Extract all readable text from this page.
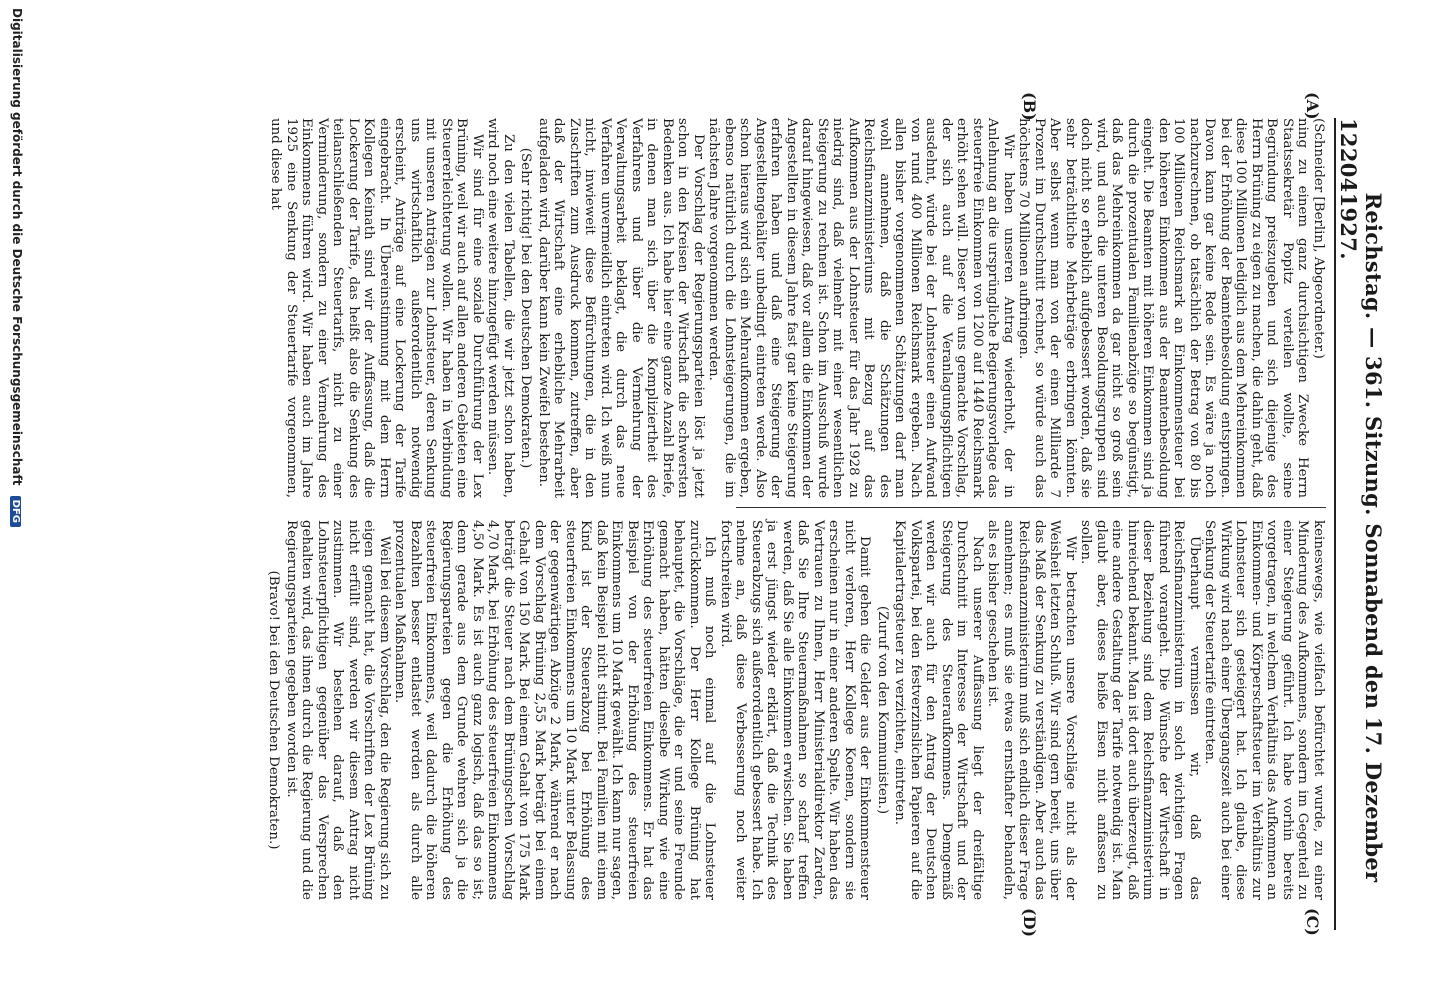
12204
Reichstag. — 361. Sitzung. Sonnabend den 17. Dezember 1927.
(A)
(B)
(C)
(D)

(Schneider [Berlin], Abgeordneter.)

ning zu einem ganz durchsichtigen Zwecke Herrn Staatssekretär Popitz verteilen wollte, seine Begründung preiszugeben und sich diejenige des Herrn Brüning zu eigen zu machen, die dahin geht, daß diese 100 Millionen lediglich aus dem Mehreinkommen bei der Erhöhung der Beamtenbesoldung entspringen. Davon kann gar keine Rede sein. Es wäre ja noch nachzurechnen, ob tatsächlich der Betrag von 80 bis 100 Millionen Reichsmark an Einkommensteuer bei den höheren Einkommen aus der Beamtenbesoldung eingeht. Die Beamten mit höheren Einkommen sind ja durch die prozentualen Familienabzüge so begünstigt, daß das Mehreinkommen da gar nicht so groß sein wird, und auch die unteren Besoldungsgruppen sind doch nicht so erheblich aufgebessert worden, daß sie sehr beträchtliche Mehrbeträge erbringen könnten. Aber selbst wenn man von der einen Milliarde 7 Prozent im Durchschnitt rechnet, so würde auch das höchstens 70 Millionen aufbringen.

Wir haben unseren Antrag wiederholt, der in Anlehnung an die ursprüngliche Regierungsvorlage das steuerfreie Einkommen von 1200 auf 1440 Reichsmark erhöht sehen will. Dieser von uns gemachte Vorschlag, der sich auch auf die Veranlagungspflichtigen ausdehnt, würde bei der Lohnsteuer einen Aufwand von rund 400 Millionen Reichsmark ergeben. Nach allen bisher vorgenommenen Schätzungen darf man wohl annehmen, daß die Schätzungen des Reichsfinanzministeriums mit Bezug auf das Aufkommen aus der Lohnsteuer für das Jahr 1928 zu niedrig sind, daß vielmehr mit einer wesentlichen Steigerung zu rechnen ist. Schon im Ausschuß wurde darauf hingewiesen, daß vor allem die Einkommen der Angestellten in diesem Jahre fast gar keine Steigerung erfahren haben und daß eine Steigerung der Angestelltengehälter unbedingt eintreten werde. Also schon hieraus wird sich ein Mehraufkommen ergeben, ebenso natürlich durch die Lohnsteigerungen, die im nächsten Jahre vorgenommen werden.

Der Vorschlag der Regierungsparteien löst ja jetzt schon in den Kreisen der Wirtschaft die schwersten Bedenken aus. Ich habe hier eine ganze Anzahl Briefe, in denen man sich über die Kompliziertheit des Verfahrens und über die Vermehrung der Verwaltungsarbeit beklagt, die durch das neue Verfahren unvermeidlich eintreten wird. Ich weiß nun nicht, inwieweit diese Befürchtungen, die in den Zuschriften zum Ausdruck kommen, zutreffen, aber daß der Wirtschaft eine erhebliche Mehrarbeit aufgeladen wird, darüber kann kein Zweifel bestehen.

(Sehr richtig! bei den Deutschen Demokraten.)

Zu den vielen Tabellen, die wir jetzt schon haben, wird noch eine weitere hinzugefügt werden müssen.

Wir sind für eine soziale Durchführung der Lex Brüning, weil wir auch auf allen anderen Gebieten eine Steuererleichterung wollen. Wir haben in Verbindung mit unseren Anträgen zur Lohnsteuer, deren Senkung uns wirtschaftlich außerordentlich notwendig erscheint, Anträge auf eine Lockerung der Tarife eingebracht. In Übereinstimmung mit dem Herrn Kollegen Keinath sind wir der Auffassung, daß die Lockerung der Tarife, das heißt also die Senkung des teilanschließenden Steuertarifs, nicht zu einer Verminderung, sondern zu einer Vermehrung des Einkommens führen wird. Wir haben auch im Jahre 1925 eine Senkung der Steuertarife vorgenommen, und diese hat

keineswegs, wie vielfach befürchtet wurde, zu einer Minderung des Aufkommens, sondern im Gegenteil zu einer Steigerung geführt. Ich habe vorhin bereits vorgetragen, in welchem Verhältnis das Aufkommen an Einkommen- und Körperschaftsteuer im Verhältnis zur Lohnsteuer sich gesteigert hat. Ich glaube, diese Wirkung wird nach einer Übergangszeit auch bei einer Senkung der Steuertarife eintreten.

Überhaupt vermissen wir, daß das Reichsfinanzministerium in solch wichtigen Fragen führend vorangeht. Die Wünsche der Wirtschaft in dieser Beziehung sind dem Reichsfinanzministerium hinreichend bekannt. Man ist dort auch überzeugt, daß eine andere Gestaltung der Tarife notwendig ist. Man glaubt aber, dieses heiße Eisen nicht anfassen zu sollen.

Wir betrachten unsere Vorschläge nicht als der Weisheit letzten Schluß. Wir sind gern bereit, uns über das Maß der Senkung zu verständigen. Aber auch das Reichsfinanzministerium muß sich endlich dieser Frage annehmen; es muß sie etwas ernsthafter behandeln, als es bisher geschehen ist.

Nach unserer Auffassung liegt der dreifältige Durchschnitt im Interesse der Wirtschaft und der Steigerung des Steueraufkommens. Demgemäß werden wir auch für den Antrag der Deutschen Volkspartei, bei den festverzinslichen Papieren auf die Kapitalertragsteuer zu verzichten, eintreten.

(Zuruf von den Kommunisten.)

Damit gehen die Gelder aus der Einkommensteuer nicht verloren, Herr Kollege Koenen, sondern sie erscheinen nur in einer anderen Spalte. Wir haben das Vertrauen zu Ihnen, Herr Ministerialdirektor Zarden, daß Sie Ihre Steuermaßnahmen so scharf treffen werden, daß Sie alle Einkommen erwischen. Sie haben ja erst jüngst wieder erklärt, daß die Technik des Steuerabzugs sich außerordentlich gebessert habe. Ich nehme an, daß diese Verbesserung noch weiter fortschreiten wird.

Ich muß noch einmal auf die Lohnsteuer zurückkommen. Der Herr Kollege Brüning hat behauptet, die Vorschläge, die er und seine Freunde gemacht haben, hätten dieselbe Wirkung wie eine Erhöhung des steuerfreien Einkommens. Er hat das Beispiel von der Erhöhung des steuerfreien Einkommens um 10 Mark gewählt. Ich kann nur sagen, daß kein Beispiel nicht stimmt. Bei Familien mit einem Kind ist der Steuerabzug bei Erhöhung des steuerfreien Einkommens um 10 Mark unter Belassung der gegenwärtigen Abzüge 2 Mark, während er nach dem Vorschlag Brüning 2,55 Mark beträgt bei einem Gehalt von 150 Mark. Bei einem Gehalt von 175 Mark beträgt die Steuer nach dem Brüningschen Vorschlag 4,70 Mark, bei Erhöhung des steuerfreien Einkommens 4,50 Mark. Es ist auch ganz logisch, daß das so ist; denn gerade aus dem Grunde wehren sich ja die Regierungsparteien gegen die Erhöhung des steuerfreien Einkommens, weil dadurch die höheren Bezahlten besser entlastet werden als durch alle prozentualen Maßnahmen.

Weil bei diesem Vorschlag, den die Regierung sich zu eigen gemacht hat, die Vorschriften der Lex Brüning nicht erfüllt sind, werden wir diesem Antrag nicht zustimmen. Wir bestehen darauf, daß den Lohnsteuerpflichtigen gegenüber das Versprechen gehalten wird, das ihnen durch die Regierung und die Regierungsparteien gegeben worden ist.

(Bravo! bei den Deutschen Demokraten.)

Digitalisierung gefördert durch die Deutsche Forschungsgemeinschaft DFG
